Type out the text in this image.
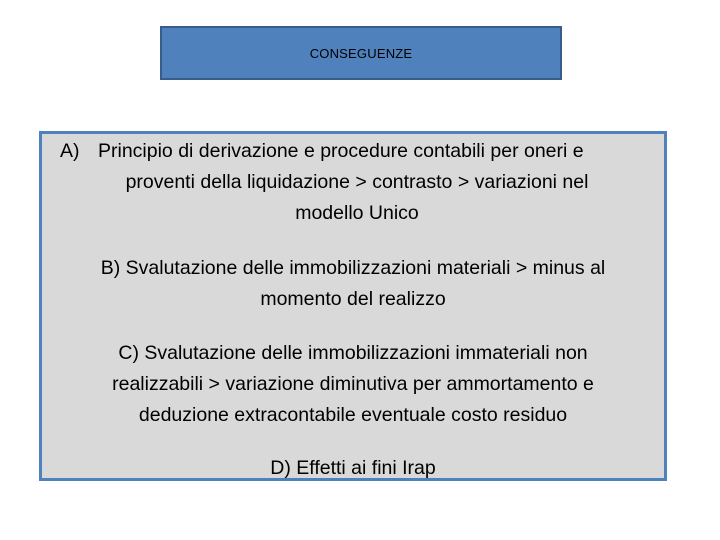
CONSEGUENZE
A) Principio di derivazione e procedure contabili per oneri e
proventi della liquidazione > contrasto > variazioni nel
modello Unico
B) Svalutazione delle immobilizzazioni materiali > minus al
momento del realizzo
C) Svalutazione delle immobilizzazioni immateriali non
realizzabili > variazione diminutiva per ammortamento e
deduzione extracontabile eventuale costo residuo
D) Effetti ai fini Irap
